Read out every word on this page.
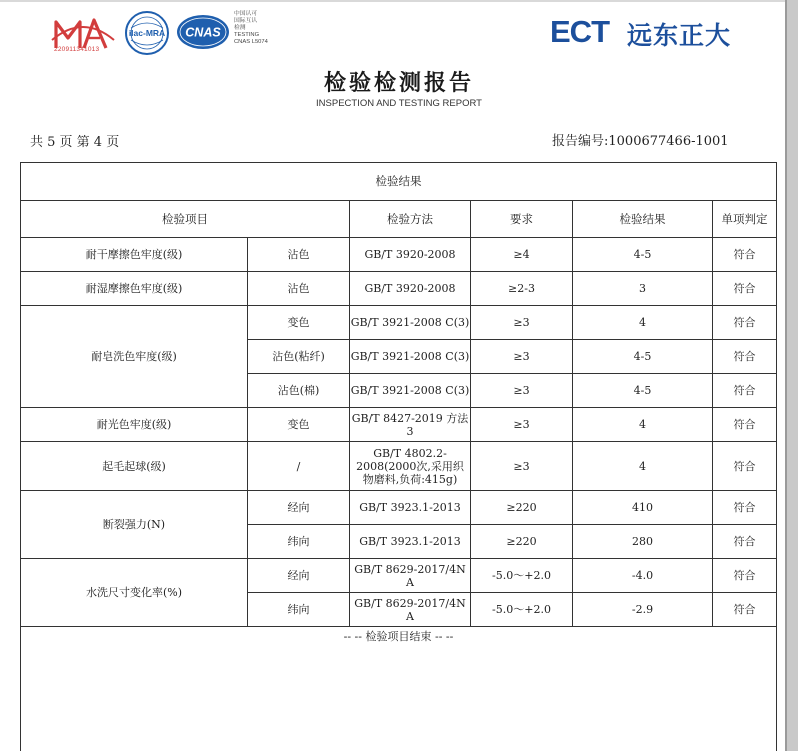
220911341013
ilac-MRA CNAS
中国认可
国际互认
检测
TESTING
CNAS L5074	ECT 远东正大
检验检测报告
INSPECTION AND TESTING REPORT
共 5 页 第 4 页	报告编号:1000677466-1001
检验结果					
检验项目		检验方法	要求	检验结果	单项判定
耐干摩擦色牢度(级)	沾色	GB/T 3920-2008	≥4	4-5	符合
耐湿摩擦色牢度(级)	沾色	GB/T 3920-2008	≥2-3	3	符合
耐皂洗色牢度(级)	变色	GB/T 3921-2008 C(3)	≥3	4	符合
	沾色(粘纤)	GB/T 3921-2008 C(3)	≥3	4-5	符合
	沾色(棉)	GB/T 3921-2008 C(3)	≥3	4-5	符合
耐光色牢度(级)	变色	GB/T 8427-2019 方法3	≥3	4	符合
起毛起球(级)	/	GB/T 4802.2-2008(2000次,采用织物磨料,负荷:415g)	≥3	4	符合
断裂强力(N)	经向	GB/T 3923.1-2013	≥220	410	符合
	纬向	GB/T 3923.1-2013	≥220	280	符合
水洗尺寸变化率(%)	经向	GB/T 8629-2017/4N A	-5.0～+2.0	-4.0	符合
	纬向	GB/T 8629-2017/4N A	-5.0～+2.0	-2.9	符合
-- -- 检验项目结束 -- --
